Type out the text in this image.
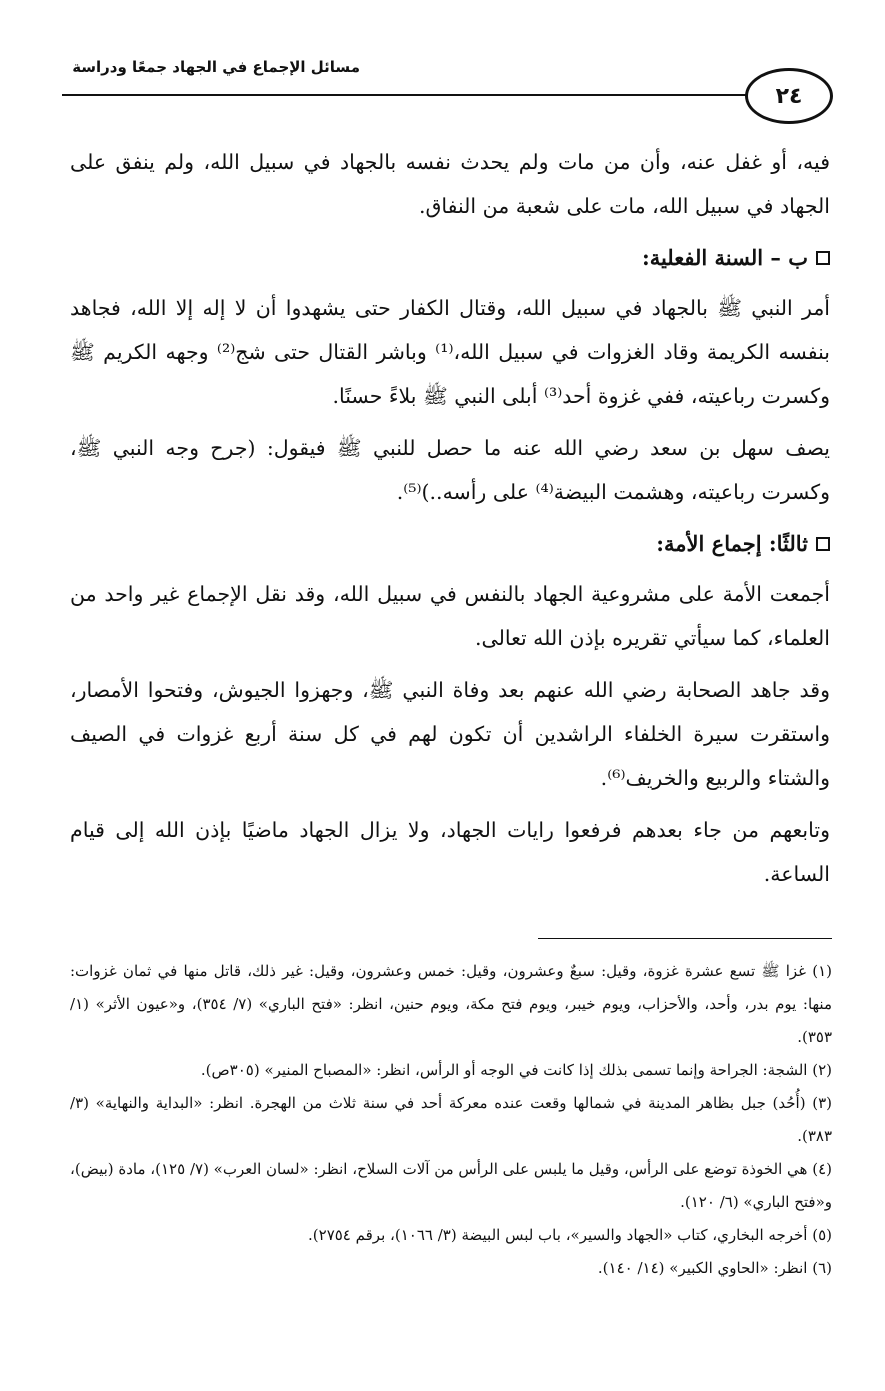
مسائل الإجماع في الجهاد جمعًا ودراسة
٢٤

فيه، أو غفل عنه، وأن من مات ولم يحدث نفسه بالجهاد في سبيل الله، ولم ينفق على الجهاد في سبيل الله، مات على شعبة من النفاق.

ب – السنة الفعلية:

أمر النبي ﷺ بالجهاد في سبيل الله، وقتال الكفار حتى يشهدوا أن لا إله إلا الله، فجاهد بنفسه الكريمة وقاد الغزوات في سبيل الله،⁽¹⁾ وباشر القتال حتى شج⁽²⁾ وجهه الكريم ﷺ وكسرت رباعيته، ففي غزوة أحد⁽³⁾ أبلى النبي ﷺ بلاءً حسنًا.

يصف سهل بن سعد رضي الله عنه ما حصل للنبي ﷺ فيقول: (جرح وجه النبي ﷺ، وكسرت رباعيته، وهشمت البيضة⁽⁴⁾ على رأسه..)⁽⁵⁾.

ثالثًا: إجماع الأمة:

أجمعت الأمة على مشروعية الجهاد بالنفس في سبيل الله، وقد نقل الإجماع غير واحد من العلماء، كما سيأتي تقريره بإذن الله تعالى.

وقد جاهد الصحابة رضي الله عنهم بعد وفاة النبي ﷺ، وجهزوا الجيوش، وفتحوا الأمصار، واستقرت سيرة الخلفاء الراشدين أن تكون لهم في كل سنة أربع غزوات في الصيف والشتاء والربيع والخريف⁽⁶⁾.

وتابعهم من جاء بعدهم فرفعوا رايات الجهاد، ولا يزال الجهاد ماضيًا بإذن الله إلى قيام الساعة.

(١) غزا ﷺ تسع عشرة غزوة، وقيل: سبعٌ وعشرون، وقيل: خمس وعشرون، وقيل: غير ذلك، قاتل منها في ثمان غزوات: منها: يوم بدر، وأحد، والأحزاب، ويوم خيبر، ويوم فتح مكة، ويوم حنين، انظر: «فتح الباري» (٧/ ٣٥٤)، و«عيون الأثر» (١/ ٣٥٣).

(٢) الشجة: الجراحة وإنما تسمى بذلك إذا كانت في الوجه أو الرأس، انظر: «المصباح المنير» (٣٠٥ص).

(٣) (أُحُد) جبل بظاهر المدينة في شمالها وقعت عنده معركة أحد في سنة ثلاث من الهجرة. انظر: «البداية والنهاية» (٣/ ٣٨٣).

(٤) هي الخوذة توضع على الرأس، وقيل ما يلبس على الرأس من آلات السلاح، انظر: «لسان العرب» (٧/ ١٢٥)، مادة (بيض)، و«فتح الباري» (٦/ ١٢٠).

(٥) أخرجه البخاري، كتاب «الجهاد والسير»، باب لبس البيضة (٣/ ١٠٦٦)، برقم ٢٧٥٤).

(٦) انظر: «الحاوي الكبير» (١٤/ ١٤٠).
